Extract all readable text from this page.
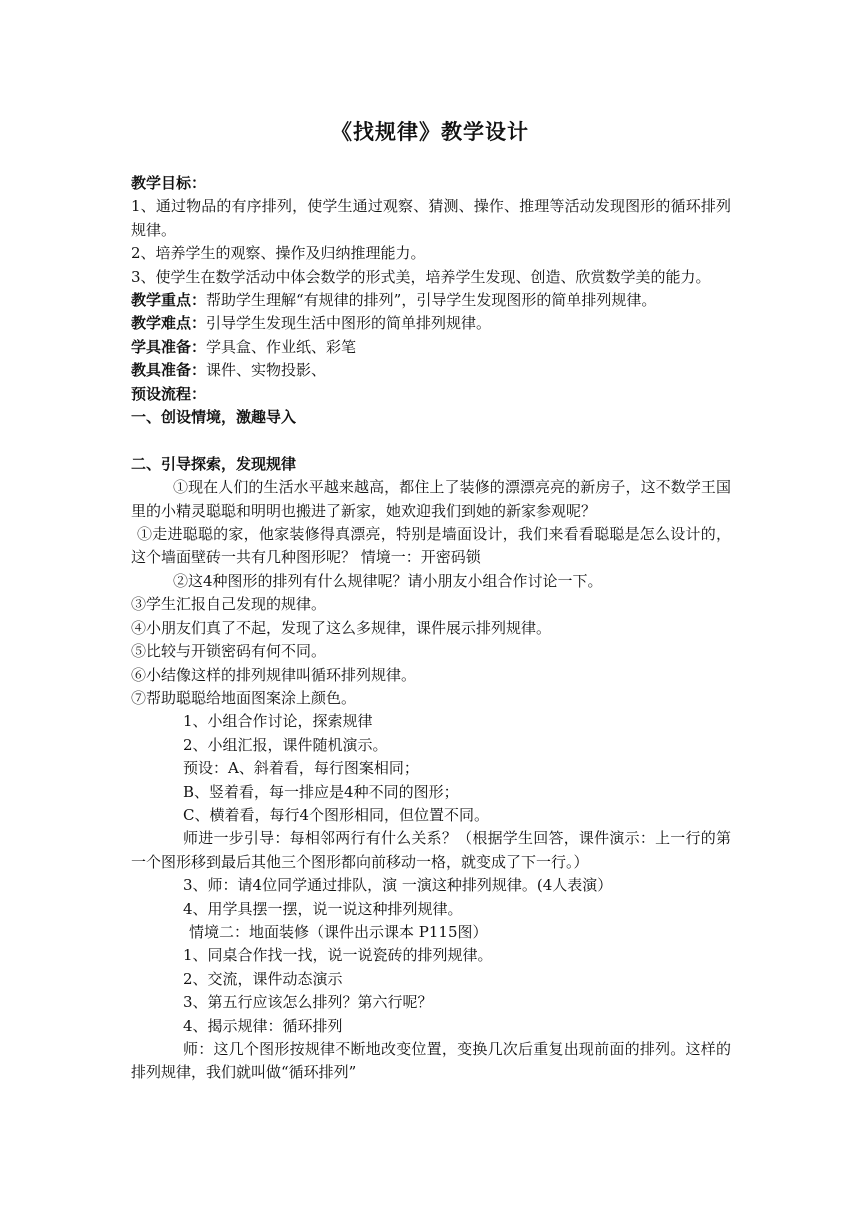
《找规律》教学设计

教学目标：

1、通过物品的有序排列，使学生通过观察、猜测、操作、推理等活动发现图形的循环排列规律。

2、培养学生的观察、操作及归纳推理能力。

3、使学生在数学活动中体会数学的形式美，培养学生发现、创造、欣赏数学美的能力。

教学重点：帮助学生理解“有规律的排列”，引导学生发现图形的简单排列规律。

教学难点：引导学生发现生活中图形的简单排列规律。

学具准备：学具盒、作业纸、彩笔

教具准备：课件、实物投影、

预设流程：

一、创设情境，激趣导入

二、引导探索，发现规律

①现在人们的生活水平越来越高，都住上了装修的漂漂亮亮的新房子，这不数学王国里的小精灵聪聪和明明也搬进了新家，她欢迎我们到她的新家参观呢？

①走进聪聪的家，他家装修得真漂亮，特别是墙面设计，我们来看看聪聪是怎么设计的，这个墙面壁砖一共有几种图形呢？ 情境一：开密码锁

②这4种图形的排列有什么规律呢？请小朋友小组合作讨论一下。

③学生汇报自己发现的规律。

④小朋友们真了不起，发现了这么多规律，课件展示排列规律。

⑤比较与开锁密码有何不同。

⑥小结像这样的排列规律叫循环排列规律。

⑦帮助聪聪给地面图案涂上颜色。

1、小组合作讨论，探索规律

2、小组汇报，课件随机演示。

预设：A、斜着看，每行图案相同；

B、竖着看，每一排应是4种不同的图形；

C、横着看，每行4个图形相同，但位置不同。

师进一步引导：每相邻两行有什么关系？（根据学生回答，课件演示：上一行的第一个图形移到最后其他三个图形都向前移动一格，就变成了下一行。）

3、师：请4位同学通过排队，演 一演这种排列规律。(4人表演）

4、用学具摆一摆，说一说这种排列规律。

情境二：地面装修（课件出示课本 P115图）

1、同桌合作找一找，说一说瓷砖的排列规律。

2、交流，课件动态演示

3、第五行应该怎么排列？第六行呢？

4、揭示规律：循环排列

师：这几个图形按规律不断地改变位置，变换几次后重复出现前面的排列。这样的排列规律，我们就叫做“循环排列”
